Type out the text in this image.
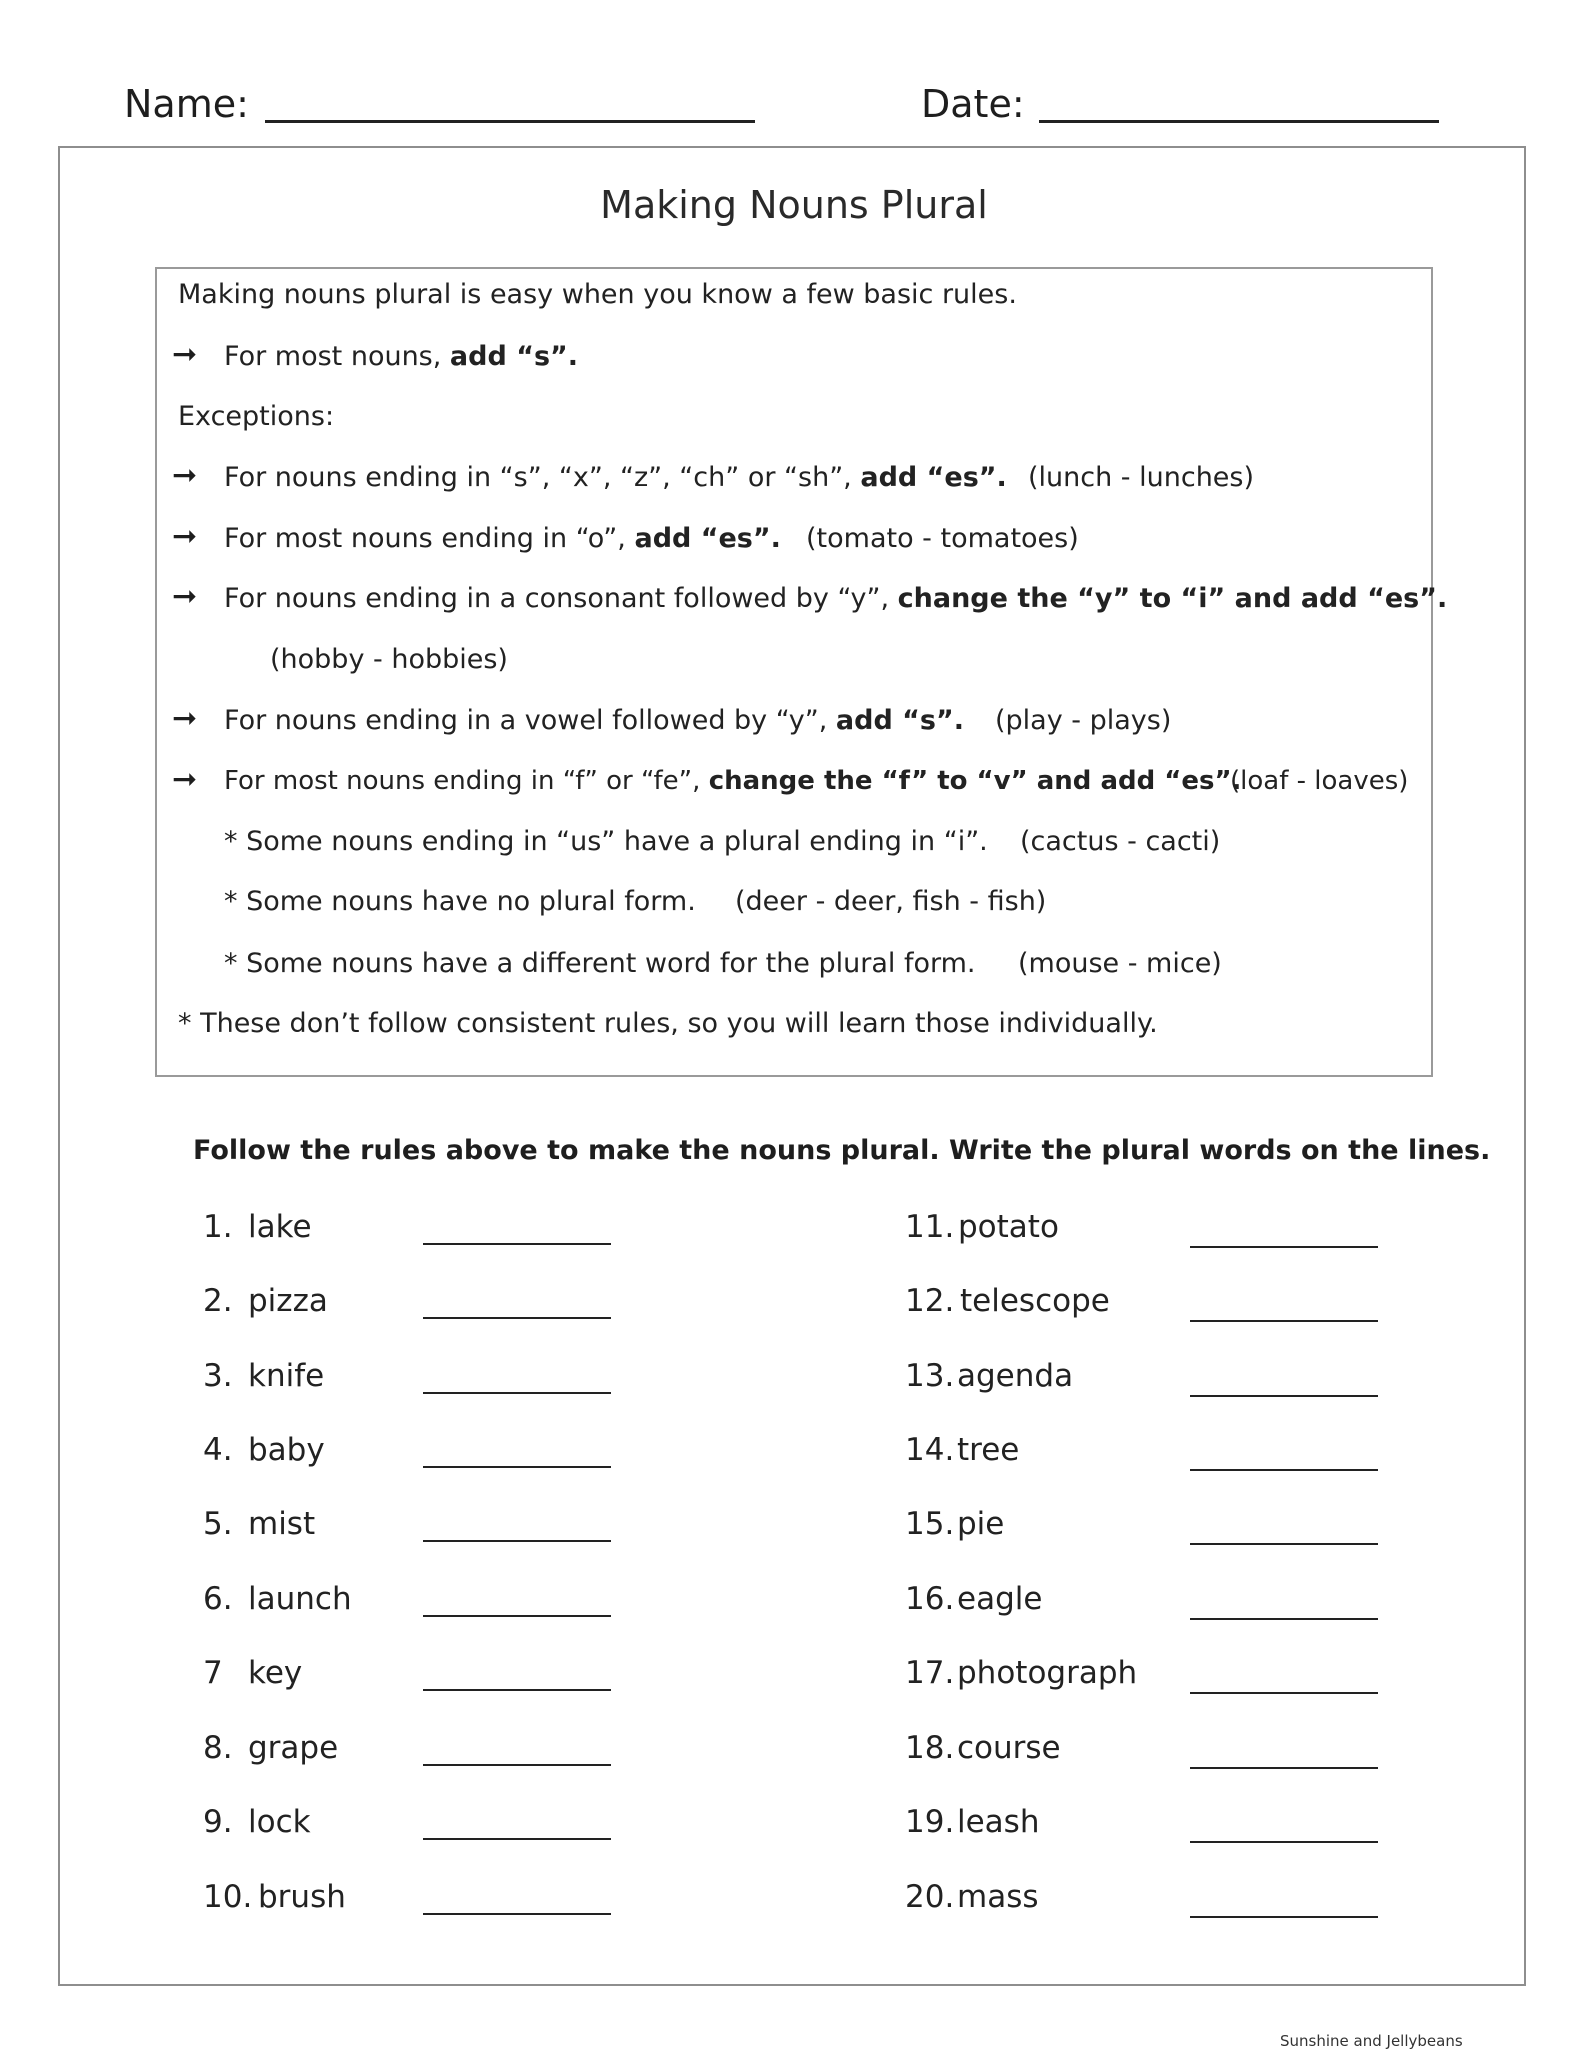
Name:	Date:
Making Nouns Plural
Making nouns plural is easy when you know a few basic rules.
➞ For most nouns, add “s”.
Exceptions:
➞ For nouns ending in “s”, “x”, “z”, “ch” or “sh”, add “es”. (lunch - lunches)
➞ For most nouns ending in “o”, add “es”. (tomato - tomatoes)
➞ For nouns ending in a consonant followed by “y”, change the “y” to “i” and add “es”.
(hobby - hobbies)
➞ For nouns ending in a vowel followed by “y”, add “s”. (play - plays)
➞ For most nouns ending in “f” or “fe”, change the “f” to “v” and add “es”.
(loaf - loaves)
* Some nouns ending in “us” have a plural ending in “i”. (cactus - cacti)
* Some nouns have no plural form. (deer - deer, fish - fish)
* Some nouns have a different word for the plural form. (mouse - mice)
* These don’t follow consistent rules, so you will learn those individually.
Follow the rules above to make the nouns plural. Write the plural words on the lines.
1. lake
2. pizza
3. knife
4. baby
5. mist
6. launch
7 key
8. grape
9. lock
10. brush
11. potato
12. telescope
13. agenda
14. tree
15. pie
16. eagle
17. photograph
18. course
19. leash
20. mass
Sunshine and Jellybeans
